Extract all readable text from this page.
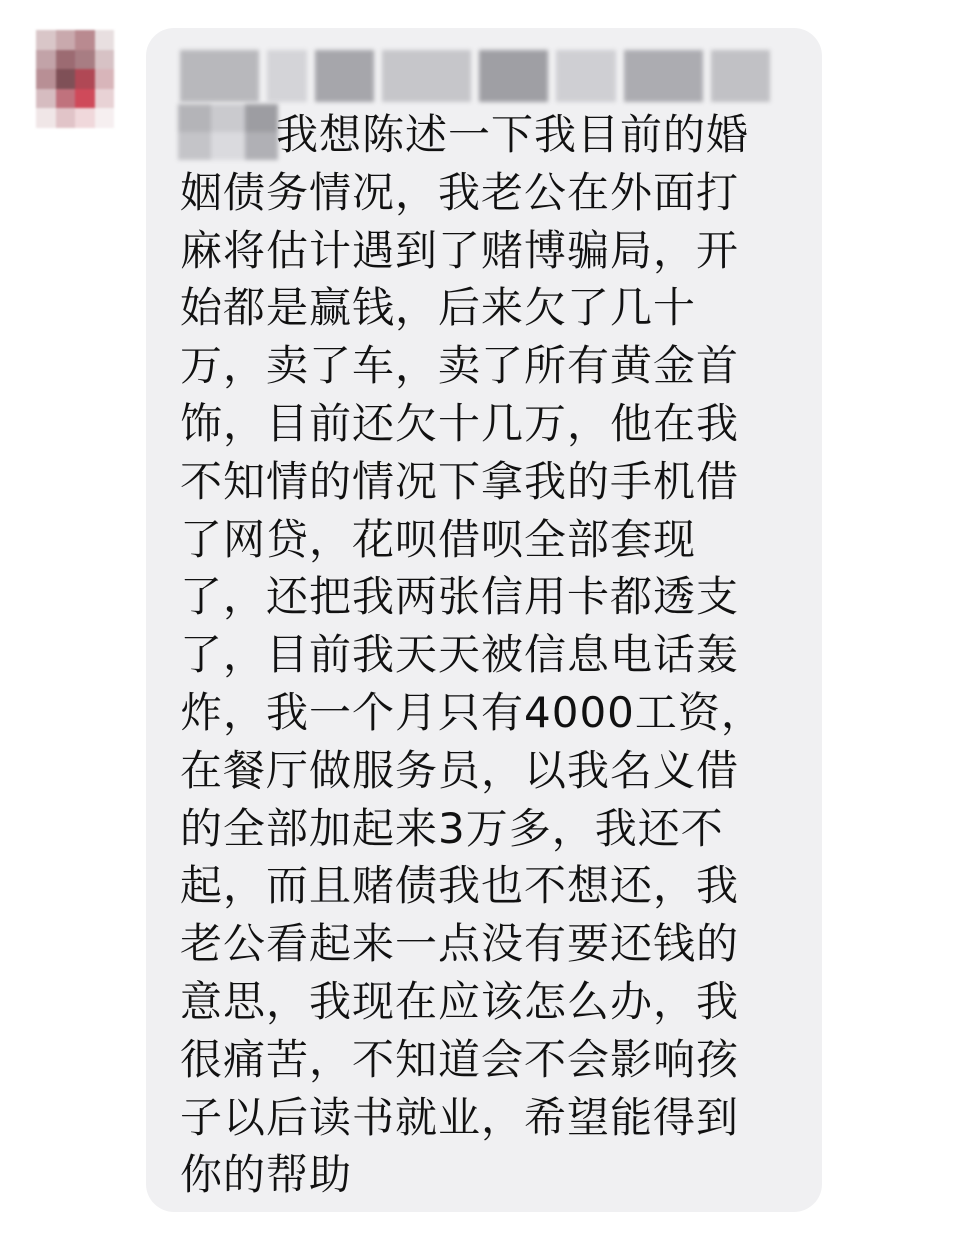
我想陈述一下我目前的婚
姻债务情况，我老公在外面打
麻将估计遇到了赌博骗局，开
始都是赢钱，后来欠了几十
万，卖了车，卖了所有黄金首
饰，目前还欠十几万，他在我
不知情的情况下拿我的手机借
了网贷，花呗借呗全部套现
了，还把我两张信用卡都透支
了，目前我天天被信息电话轰
炸，我一个月只有4000工资，
在餐厅做服务员，以我名义借
的全部加起来3万多，我还不
起，而且赌债我也不想还，我
老公看起来一点没有要还钱的
意思，我现在应该怎么办，我
很痛苦，不知道会不会影响孩
子以后读书就业，希望能得到
你的帮助
